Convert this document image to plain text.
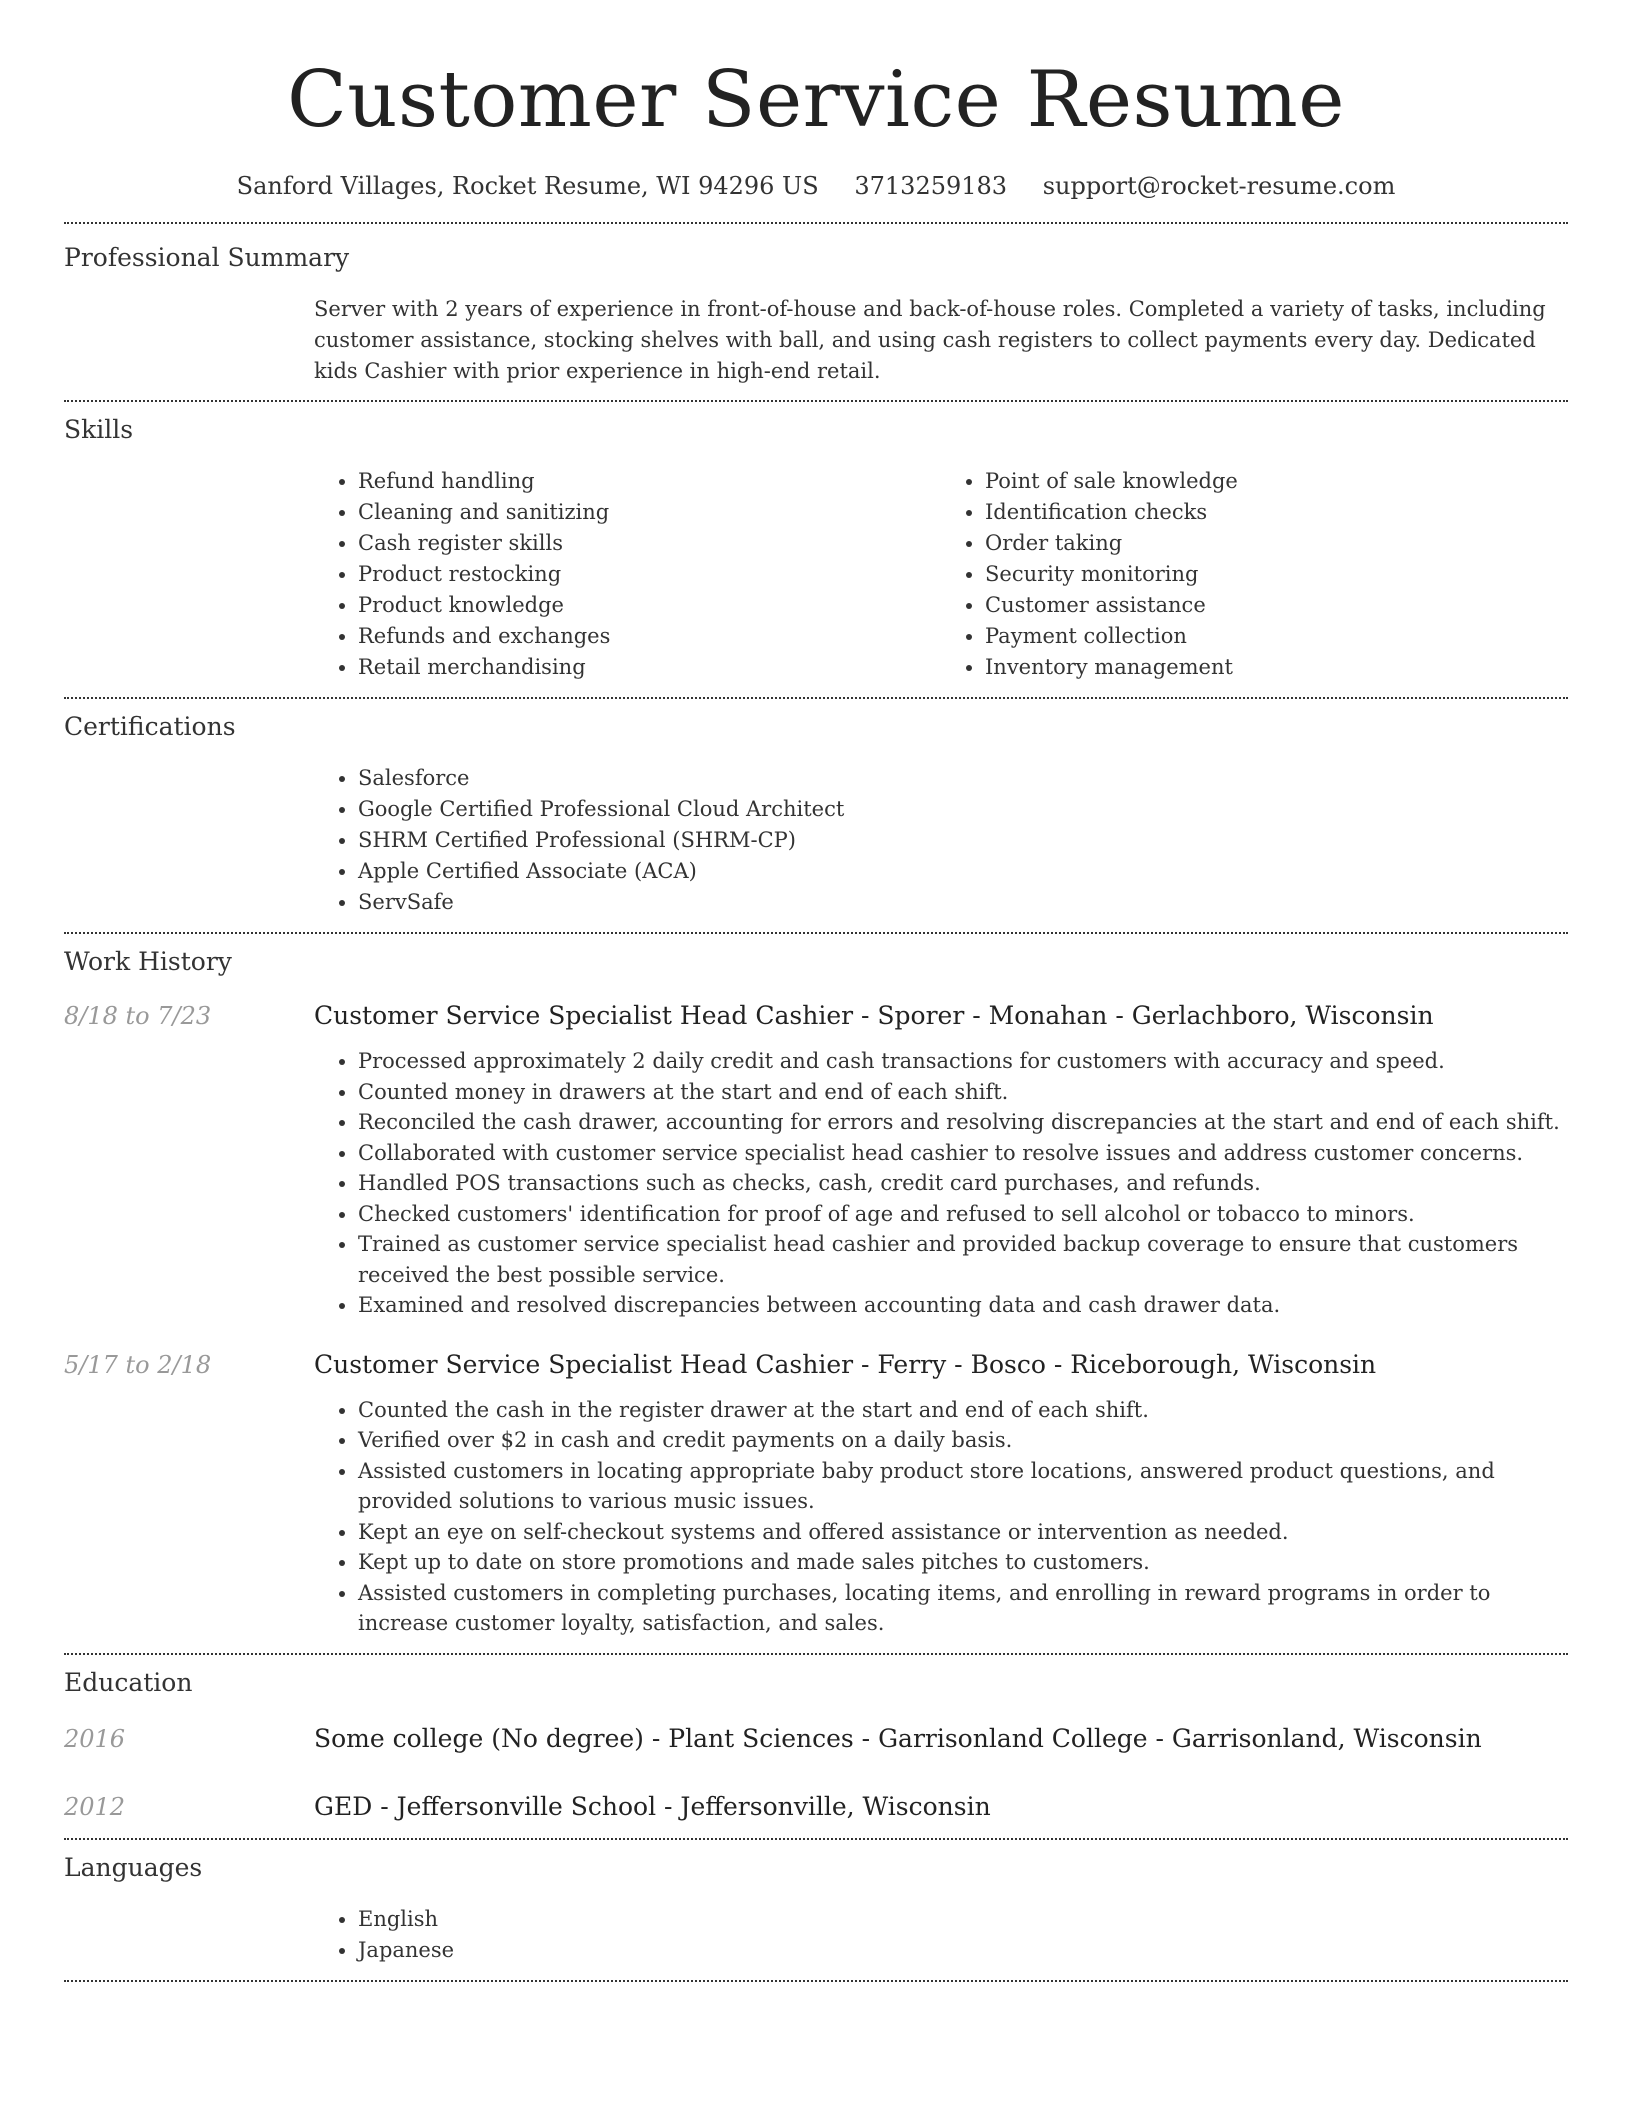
Customer Service Resume
Sanford Villages, Rocket Resume, WI 94296 US 3713259183 support@rocket-resume.com
Professional Summary

Server with 2 years of experience in front-of-house and back-of-house roles. Completed a variety of tasks, including customer assistance, stocking shelves with ball, and using cash registers to collect payments every day. Dedicated kids Cashier with prior experience in high-end retail.

Skills
• Refund handling
• Cleaning and sanitizing
• Cash register skills
• Product restocking
• Product knowledge
• Refunds and exchanges
• Retail merchandising
• Point of sale knowledge
• Identification checks
• Order taking
• Security monitoring
• Customer assistance
• Payment collection
• Inventory management
Certifications
• Salesforce
• Google Certified Professional Cloud Architect
• SHRM Certified Professional (SHRM-CP)
• Apple Certified Associate (ACA)
• ServSafe
Work History
8/18 to 7/23	Customer Service Specialist Head Cashier - Sporer - Monahan - Gerlachboro, Wisconsin
• Processed approximately 2 daily credit and cash transactions for customers with accuracy and speed.
• Counted money in drawers at the start and end of each shift.
• Reconciled the cash drawer, accounting for errors and resolving discrepancies at the start and end of each shift.
• Collaborated with customer service specialist head cashier to resolve issues and address customer concerns.
• Handled POS transactions such as checks, cash, credit card purchases, and refunds.
• Checked customers' identification for proof of age and refused to sell alcohol or tobacco to minors.
• Trained as customer service specialist head cashier and provided backup coverage to ensure that customers received the best possible service.
• Examined and resolved discrepancies between accounting data and cash drawer data.
5/17 to 2/18	Customer Service Specialist Head Cashier - Ferry - Bosco - Riceborough, Wisconsin
• Counted the cash in the register drawer at the start and end of each shift.
• Verified over $2 in cash and credit payments on a daily basis.
• Assisted customers in locating appropriate baby product store locations, answered product questions, and provided solutions to various music issues.
• Kept an eye on self-checkout systems and offered assistance or intervention as needed.
• Kept up to date on store promotions and made sales pitches to customers.
• Assisted customers in completing purchases, locating items, and enrolling in reward programs in order to increase customer loyalty, satisfaction, and sales.
Education
2016	Some college (No degree) - Plant Sciences - Garrisonland College - Garrisonland, Wisconsin
2012	GED - Jeffersonville School - Jeffersonville, Wisconsin
Languages
• English
• Japanese
